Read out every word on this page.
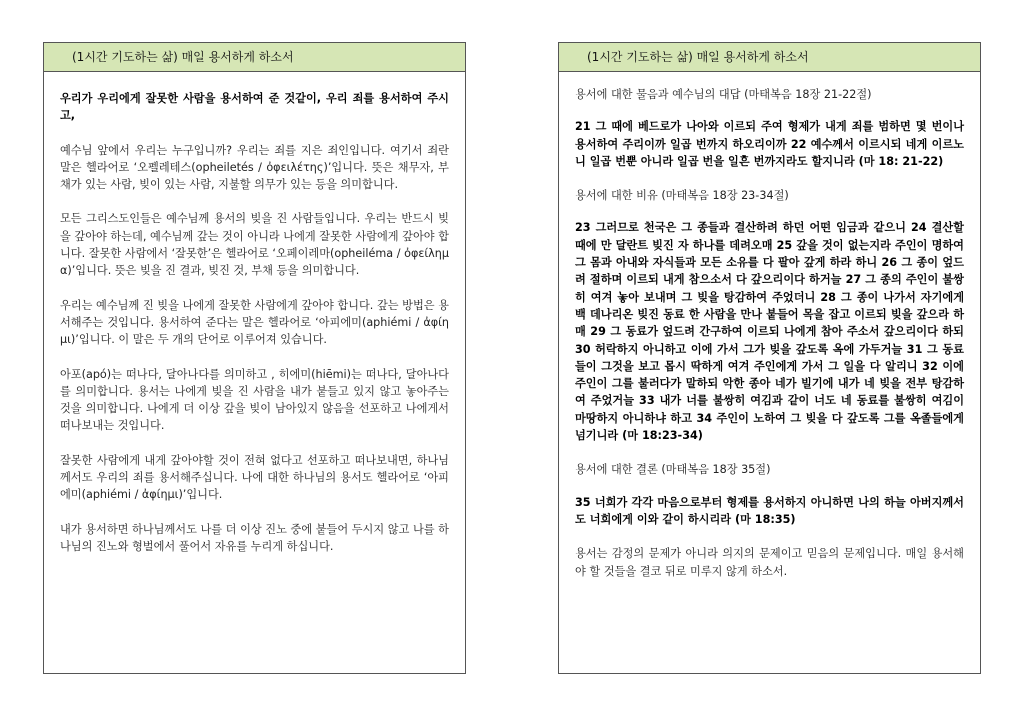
(1시간 기도하는 삶) 매일 용서하게 하소서

우리가 우리에게 잘못한 사람을 용서하여 준 것같이, 우리 죄를 용서하여 주시고,

예수님 앞에서 우리는 누구입니까? 우리는 죄를 지은 죄인입니다. 여기서 죄란 말은 헬라어로 ‘오펠레테스(opheiletés / ὀφειλέτης)’입니다. 뜻은 채무자, 부채가 있는 사람, 빚이 있는 사람, 지불할 의무가 있는 등을 의미합니다.

모든 그리스도인들은 예수님께 용서의 빚을 진 사람들입니다. 우리는 반드시 빚을 갚아야 하는데, 예수님께 갚는 것이 아니라 나에게 잘못한 사람에게 갚아야 합니다. 잘못한 사람에서 ‘잘못한’은 헬라어로 ‘오페이레마(opheiléma / ὀφείλημα)’입니다. 뜻은 빚을 진 결과, 빚진 것, 부채 등을 의미합니다.

우리는 예수님께 진 빚을 나에게 잘못한 사람에게 갚아야 합니다. 갚는 방법은 용서해주는 것입니다. 용서하여 준다는 말은 헬라어로 ‘아피에미(aphiémi / ἀφίημι)’입니다. 이 말은 두 개의 단어로 이루어져 있습니다.

아포(apó)는 떠나다, 달아나다를 의미하고 , 히에미(hiēmi)는 떠나다, 달아나다를 의미합니다. 용서는 나에게 빚을 진 사람을 내가 붙들고 있지 않고 놓아주는 것을 의미합니다. 나에게 더 이상 갚을 빚이 남아있지 않음을 선포하고 나에게서 떠나보내는 것입니다.

잘못한 사람에게 내게 갚아야할 것이 전혀 없다고 선포하고 떠나보내면, 하나님께서도 우리의 죄를 용서해주십니다. 나에 대한 하나님의 용서도 헬라어로 ‘아피에미(aphiémi / ἀφίημι)’입니다.

내가 용서하면 하나님께서도 나를 더 이상 진노 중에 붙들어 두시지 않고 나를 하나님의 진노와 형벌에서 풀어서 자유를 누리게 하십니다.

(1시간 기도하는 삶) 매일 용서하게 하소서

용서에 대한 물음과 예수님의 대답 (마태복음 18장 21-22절)

21 그 때에 베드로가 나아와 이르되 주여 형제가 내게 죄를 범하면 몇 번이나 용서하여 주리이까 일곱 번까지 하오리이까 22 예수께서 이르시되 네게 이르노니 일곱 번뿐 아니라 일곱 번을 일흔 번까지라도 할지니라 (마 18: 21-22)

용서에 대한 비유 (마태복음 18장 23-34절)

23 그러므로 천국은 그 종들과 결산하려 하던 어떤 임금과 같으니 24 결산할 때에 만 달란트 빚진 자 하나를 데려오매 25 갚을 것이 없는지라 주인이 명하여 그 몸과 아내와 자식들과 모든 소유를 다 팔아 갚게 하라 하니 26 그 종이 엎드려 절하며 이르되 내게 참으소서 다 갚으리이다 하거늘 27 그 종의 주인이 불쌍히 여겨 놓아 보내며 그 빚을 탕감하여 주었더니 28 그 종이 나가서 자기에게 백 데나리온 빚진 동료 한 사람을 만나 붙들어 목을 잡고 이르되 빚을 갚으라 하매 29 그 동료가 엎드려 간구하여 이르되 나에게 참아 주소서 갚으리이다 하되 30 허락하지 아니하고 이에 가서 그가 빚을 갚도록 옥에 가두거늘 31 그 동료들이 그것을 보고 몹시 딱하게 여겨 주인에게 가서 그 일을 다 알리니 32 이에 주인이 그를 불러다가 말하되 악한 종아 네가 빌기에 내가 네 빚을 전부 탕감하여 주었거늘 33 내가 너를 불쌍히 여김과 같이 너도 네 동료를 불쌍히 여김이 마땅하지 아니하냐 하고 34 주인이 노하여 그 빚을 다 갚도록 그를 옥졸들에게 넘기니라 (마 18:23-34)

용서에 대한 결론 (마태복음 18장 35절)

35 너희가 각각 마음으로부터 형제를 용서하지 아니하면 나의 하늘 아버지께서도 너희에게 이와 같이 하시리라 (마 18:35)

용서는 감정의 문제가 아니라 의지의 문제이고 믿음의 문제입니다. 매일 용서해야 할 것들을 결코 뒤로 미루지 않게 하소서.
